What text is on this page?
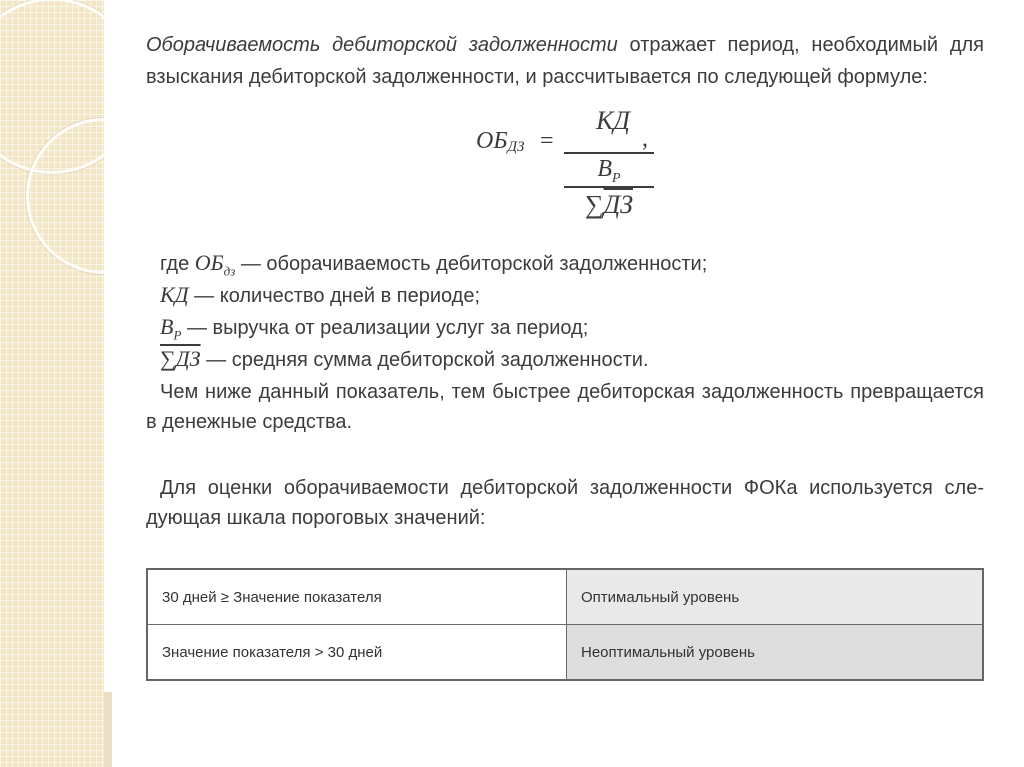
Оборачиваемость дебиторской задолженности отражает период, необходимый для
взыскания дебиторской задолженности, и рассчитывается по следующей формуле:
$ОБ_{ДЗ}$ =
КД
$В_Р$
∑ДЗ
,
где $ОБ_{дз}$ — оборачиваемость дебиторской задолженности;
КД — количество дней в периоде;
$В_Р$ — выручка от реализации услуг за период;
∑ДЗ — средняя сумма дебиторской задолженности.
Чем ниже данный показатель, тем быстрее дебиторская задолженность превращается
в денежные средства.
Для оценки оборачиваемости дебиторской задолженности ФОКа используется сле-
дующая шкала пороговых значений:
30 дней ≥ Значение показателя	Оптимальный уровень
Значение показателя > 30 дней	Неоптимальный уровень
